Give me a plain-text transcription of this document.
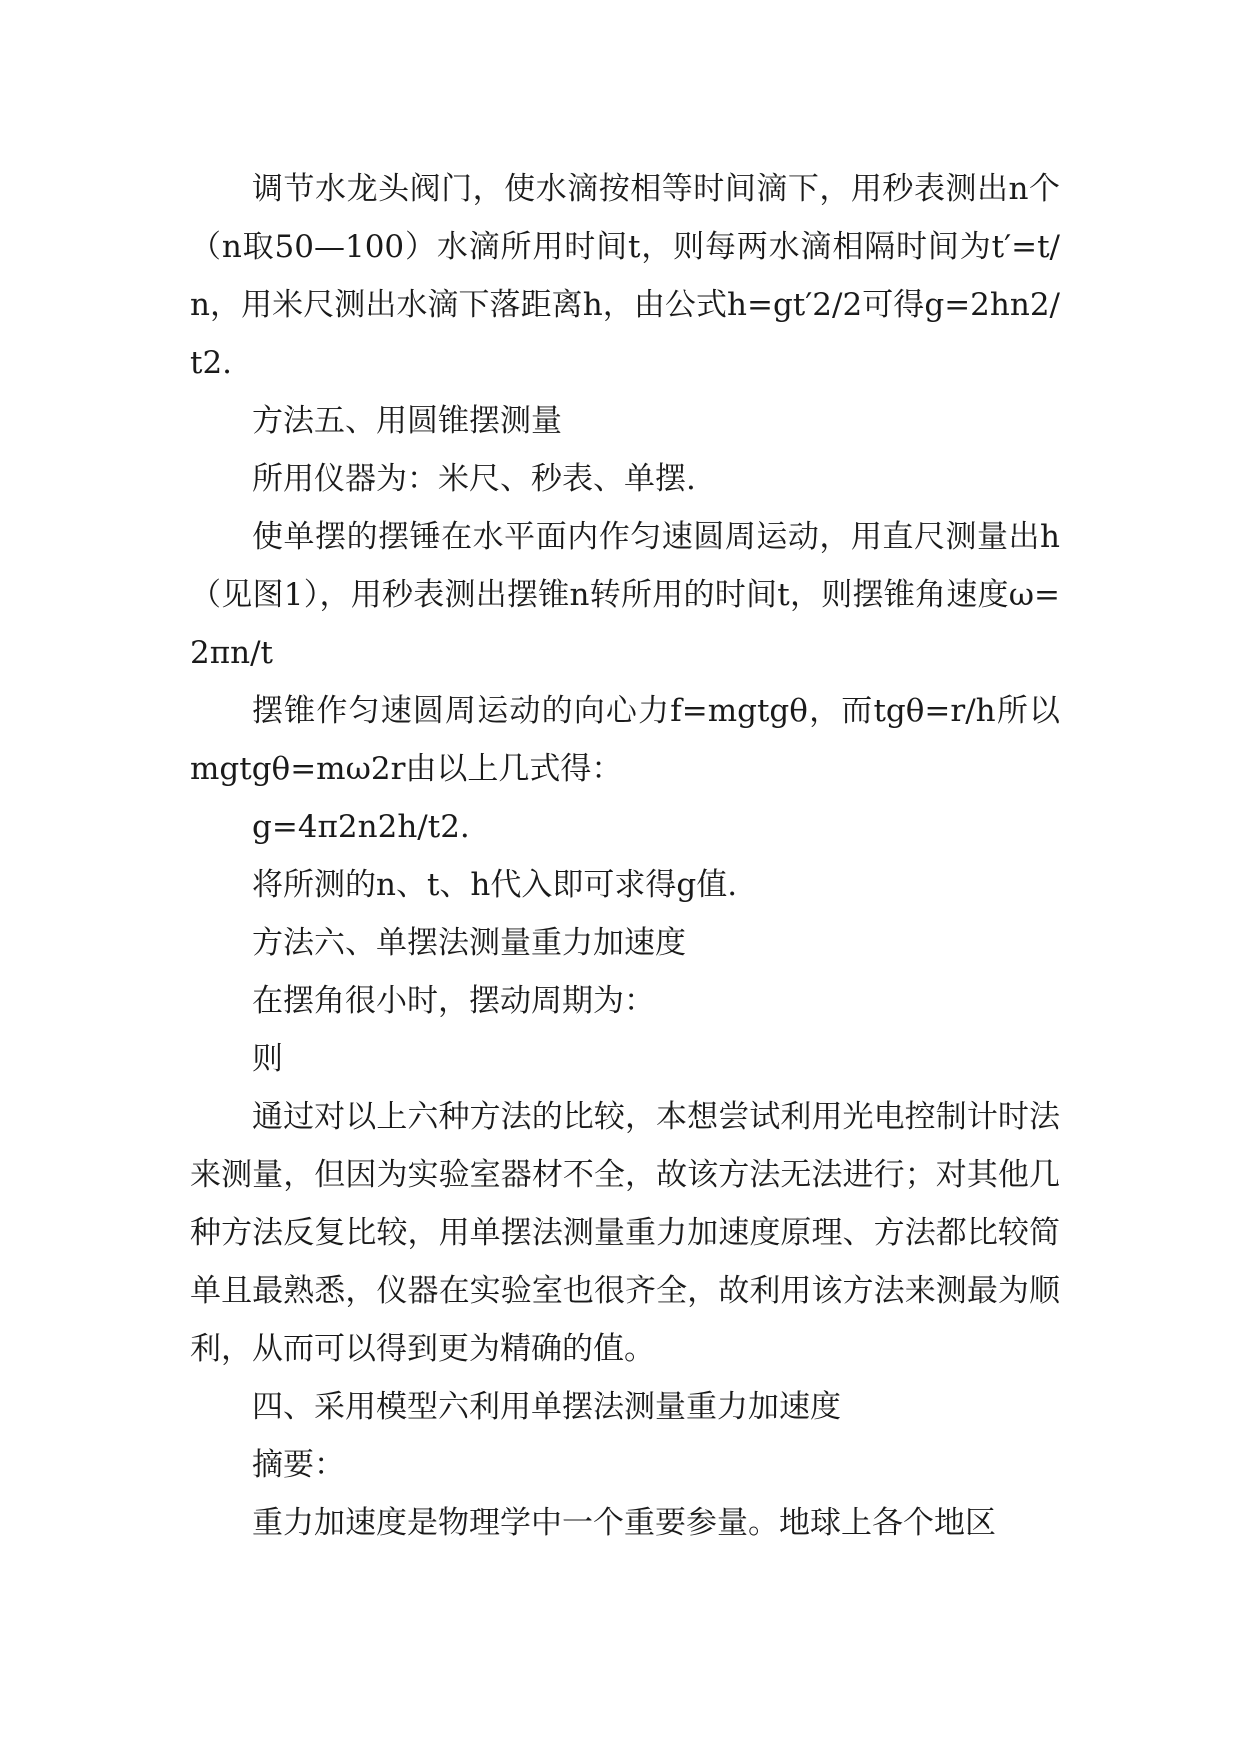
调节水龙头阀门，使水滴按相等时间滴下，用秒表测出n个（n取50—100）水滴所用时间t，则每两水滴相隔时间为t′=t/n，用米尺测出水滴下落距离h，由公式h=gt′2/2可得g=2hn2/t2.

方法五、用圆锥摆测量

所用仪器为：米尺、秒表、单摆.

使单摆的摆锤在水平面内作匀速圆周运动，用直尺测量出h（见图1），用秒表测出摆锥n转所用的时间t，则摆锥角速度ω=2πn/t

摆锥作匀速圆周运动的向心力f=mgtgθ，而tgθ=r/h所以mgtgθ=mω2r由以上几式得：

g=4π2n2h/t2.

将所测的n、t、h代入即可求得g值.

方法六、单摆法测量重力加速度

在摆角很小时，摆动周期为：

则

通过对以上六种方法的比较，本想尝试利用光电控制计时法来测量，但因为实验室器材不全，故该方法无法进行；对其他几种方法反复比较，用单摆法测量重力加速度原理、方法都比较简单且最熟悉，仪器在实验室也很齐全，故利用该方法来测最为顺利，从而可以得到更为精确的值。

四、采用模型六利用单摆法测量重力加速度

摘要：

重力加速度是物理学中一个重要参量。地球上各个地区
